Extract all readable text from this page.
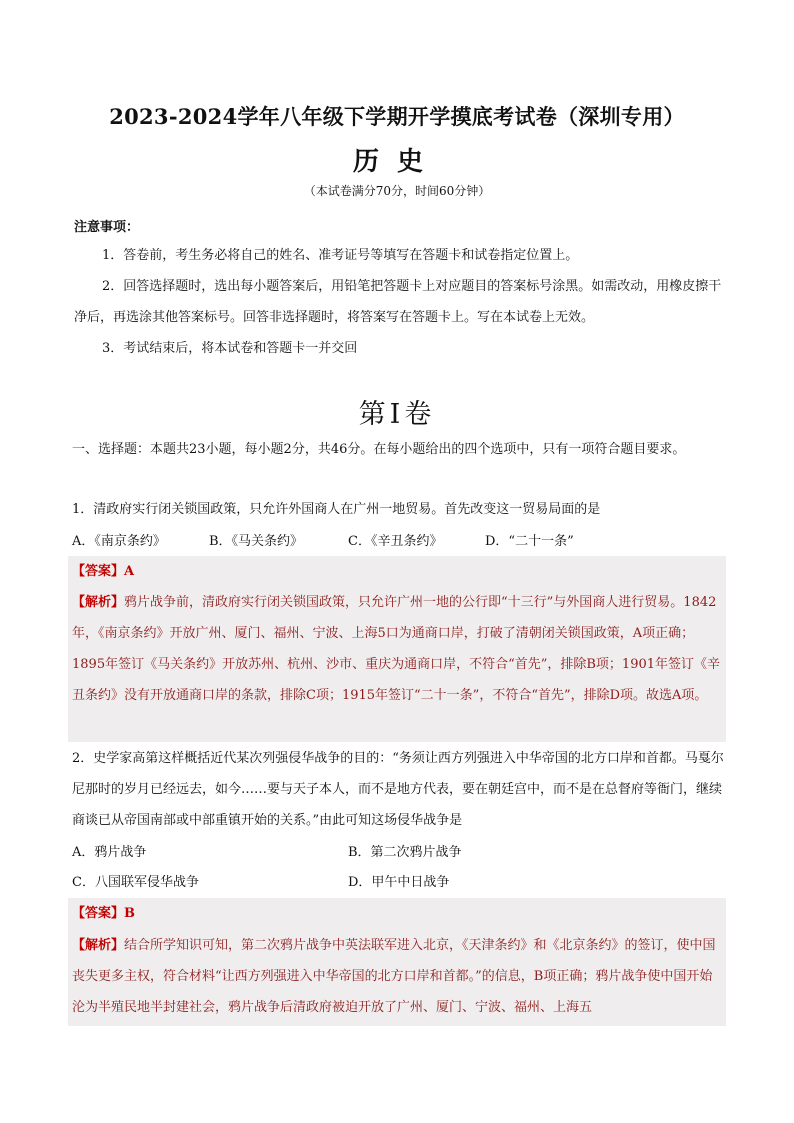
2023-2024学年八年级下学期开学摸底考试卷（深圳专用）
历史
（本试卷满分70分，时间60分钟）
注意事项：

1．答卷前，考生务必将自己的姓名、准考证号等填写在答题卡和试卷指定位置上。

2．回答选择题时，选出每小题答案后，用铅笔把答题卡上对应题目的答案标号涂黑。如需改动，用橡皮擦干净后，再选涂其他答案标号。回答非选择题时，将答案写在答题卡上。写在本试卷上无效。

3．考试结束后，将本试卷和答题卡一并交回

第Ⅰ卷

一、选择题：本题共23小题，每小题2分，共46分。在每小题给出的四个选项中，只有一项符合题目要求。

1．清政府实行闭关锁国政策，只允许外国商人在广州一地贸易。首先改变这一贸易局面的是

A．《南京条约》	B．《马关条约》	C．《辛丑条约》	D．“二十一条”
【答案】A

【解析】鸦片战争前，清政府实行闭关锁国政策，只允许广州一地的公行即“十三行”与外国商人进行贸易。1842年，《南京条约》开放广州、厦门、福州、宁波、上海5口为通商口岸，打破了清朝闭关锁国政策，A项正确；1895年签订《马关条约》开放苏州、杭州、沙市、重庆为通商口岸，不符合“首先”，排除B项；1901年签订《辛丑条约》没有开放通商口岸的条款，排除C项；1915年签订“二十一条”，不符合“首先”，排除D项。故选A项。

2．史学家高第这样概括近代某次列强侵华战争的目的：“务须让西方列强进入中华帝国的北方口岸和首都。马戛尔尼那时的岁月已经远去，如今……要与天子本人，而不是地方代表，要在朝廷宫中，而不是在总督府等衙门，继续商谈已从帝国南部或中部重镇开始的关系。”由此可知这场侵华战争是

A．鸦片战争	B．第二次鸦片战争
C．八国联军侵华战争	D．甲午中日战争
【答案】B

【解析】结合所学知识可知，第二次鸦片战争中英法联军进入北京，《天津条约》和《北京条约》的签订，使中国丧失更多主权，符合材料“让西方列强进入中华帝国的北方口岸和首都。”的信息，B项正确；鸦片战争使中国开始沦为半殖民地半封建社会，鸦片战争后清政府被迫开放了广州、厦门、宁波、福州、上海五
